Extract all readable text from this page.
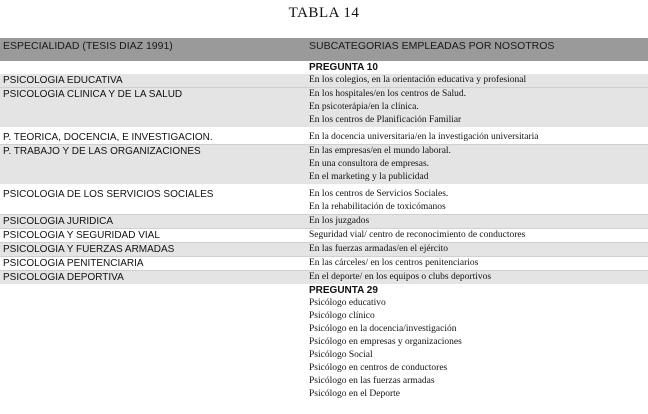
TABLA 14
ESPECIALIDAD (TESIS DIAZ 1991)	SUBCATEGORIAS EMPLEADAS POR NOSOTROS
PREGUNTA 10
PSICOLOGIA EDUCATIVA	En los colegios, en la orientación educativa y profesional
PSICOLOGIA CLINICA Y DE LA SALUD	En los hospitales/en los centros de Salud.
En psicoterápia/en la clínica.
En los centros de Planificación Familiar
P. TEORICA, DOCENCIA, E INVESTIGACION.	En la docencia universitaria/en la investigación universitaria
P. TRABAJO Y DE LAS ORGANIZACIONES	En las empresas/en el mundo laboral.
En una consultora de empresas.
En el marketing y la publicidad
PSICOLOGIA DE LOS SERVICIOS SOCIALES	En los centros de Servicios Sociales.
En la rehabilitación de toxicómanos
PSICOLOGIA JURIDICA	En los juzgados
PSICOLOGIA Y SEGURIDAD VIAL	Seguridad vial/ centro de reconocimiento de conductores
PSICOLOGIA Y FUERZAS ARMADAS	En las fuerzas armadas/en el ejército
PSICOLOGIA PENITENCIARIA	En las cárceles/ en los centros penitenciarios
PSICOLOGIA DEPORTIVA	En el deporte/ en los equipos o clubs deportivos
PREGUNTA 29
Psicólogo educativo
Psicólogo clínico
Psicólogo en la docencia/investigación
Psicólogo en empresas y organizaciones
Psicólogo Social
Psicólogo en centros de conductores
Psicólogo en las fuerzas armadas
Psicólogo en el Deporte
